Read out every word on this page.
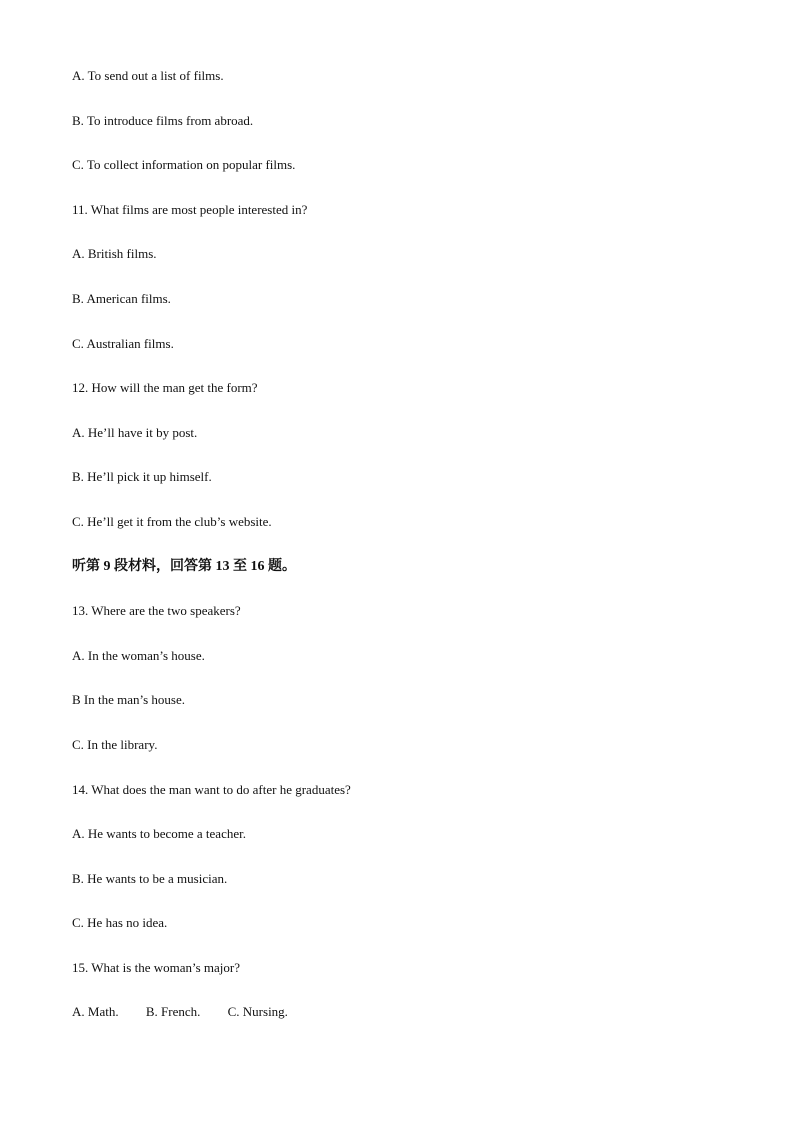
A. To send out a list of films.
B. To introduce films from abroad.
C. To collect information on popular films.
11. What films are most people interested in?
A. British films.
B. American films.
C. Australian films.
12. How will the man get the form?
A. He’ll have it by post.
B. He’ll pick it up himself.
C. He’ll get it from the club’s website.
听第 9 段材料，回答第 13 至 16 题。
13. Where are the two speakers?
A. In the woman’s house.
B In the man’s house.
C. In the library.
14. What does the man want to do after he graduates?
A. He wants to become a teacher.
B. He wants to be a musician.
C. He has no idea.
15. What is the woman’s major?
A. Math. B. French. C. Nursing.
